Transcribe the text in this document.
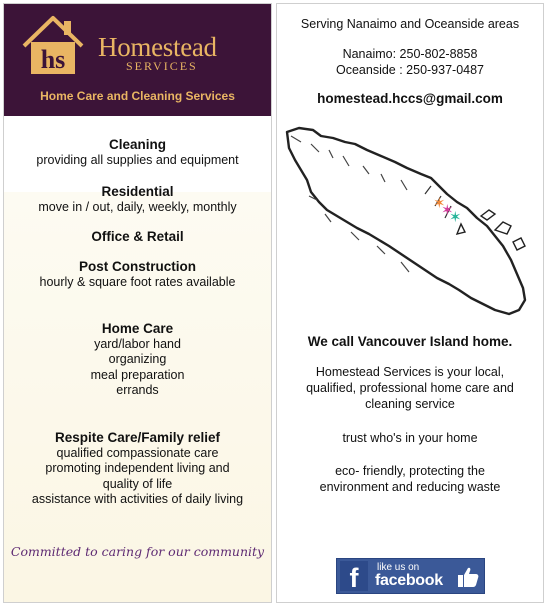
hs Homestead
SERVICES
Home Care and Cleaning Services
Cleaning
providing all supplies and equipment
Residential
move in / out, daily, weekly, monthly
Office & Retail
Post Construction
hourly & square foot rates available
Home Care
yard/labor hand
organizing
meal preparation
errands
Respite Care/Family relief
qualified compassionate care
promoting independent living and
quality of life
assistance with activities of daily living
Committed to caring for our community
Serving Nanaimo and Oceanside areas
Nanaimo: 250-802-8858
Oceanside : 250-937-0487
homestead.hccs@gmail.com
✶
✶
✶
We call Vancouver Island home.
Homestead Services is your local,
qualified, professional home care and
cleaning service
trust who's in your home
eco- friendly, protecting the
environment and reducing waste
f	like us on
facebook
